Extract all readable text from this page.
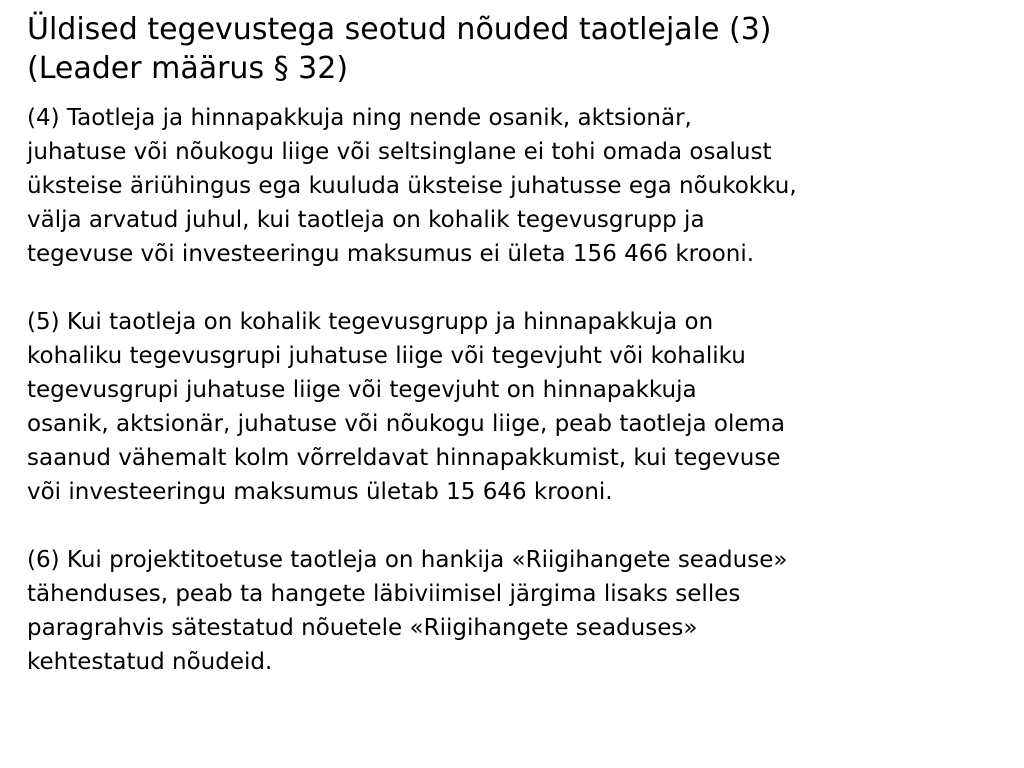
Üldised tegevustega seotud nõuded taotlejale (3)
(Leader määrus § 32)

(4) Taotleja ja hinnapakkuja ning nende osanik, aktsionär,
juhatuse või nõukogu liige või seltsinglane ei tohi omada osalust
üksteise äriühingus ega kuuluda üksteise juhatusse ega nõukokku,
välja arvatud juhul, kui taotleja on kohalik tegevusgrupp ja
tegevuse või investeeringu maksumus ei ületa 156 466 krooni.

(5) Kui taotleja on kohalik tegevusgrupp ja hinnapakkuja on
kohaliku tegevusgrupi juhatuse liige või tegevjuht või kohaliku
tegevusgrupi juhatuse liige või tegevjuht on hinnapakkuja
osanik, aktsionär, juhatuse või nõukogu liige, peab taotleja olema
saanud vähemalt kolm võrreldavat hinnapakkumist, kui tegevuse
või investeeringu maksumus ületab 15 646 krooni.

(6) Kui projektitoetuse taotleja on hankija «Riigihangete seaduse»
tähenduses, peab ta hangete läbiviimisel järgima lisaks selles
paragrahvis sätestatud nõuetele «Riigihangete seaduses»
kehtestatud nõudeid.
